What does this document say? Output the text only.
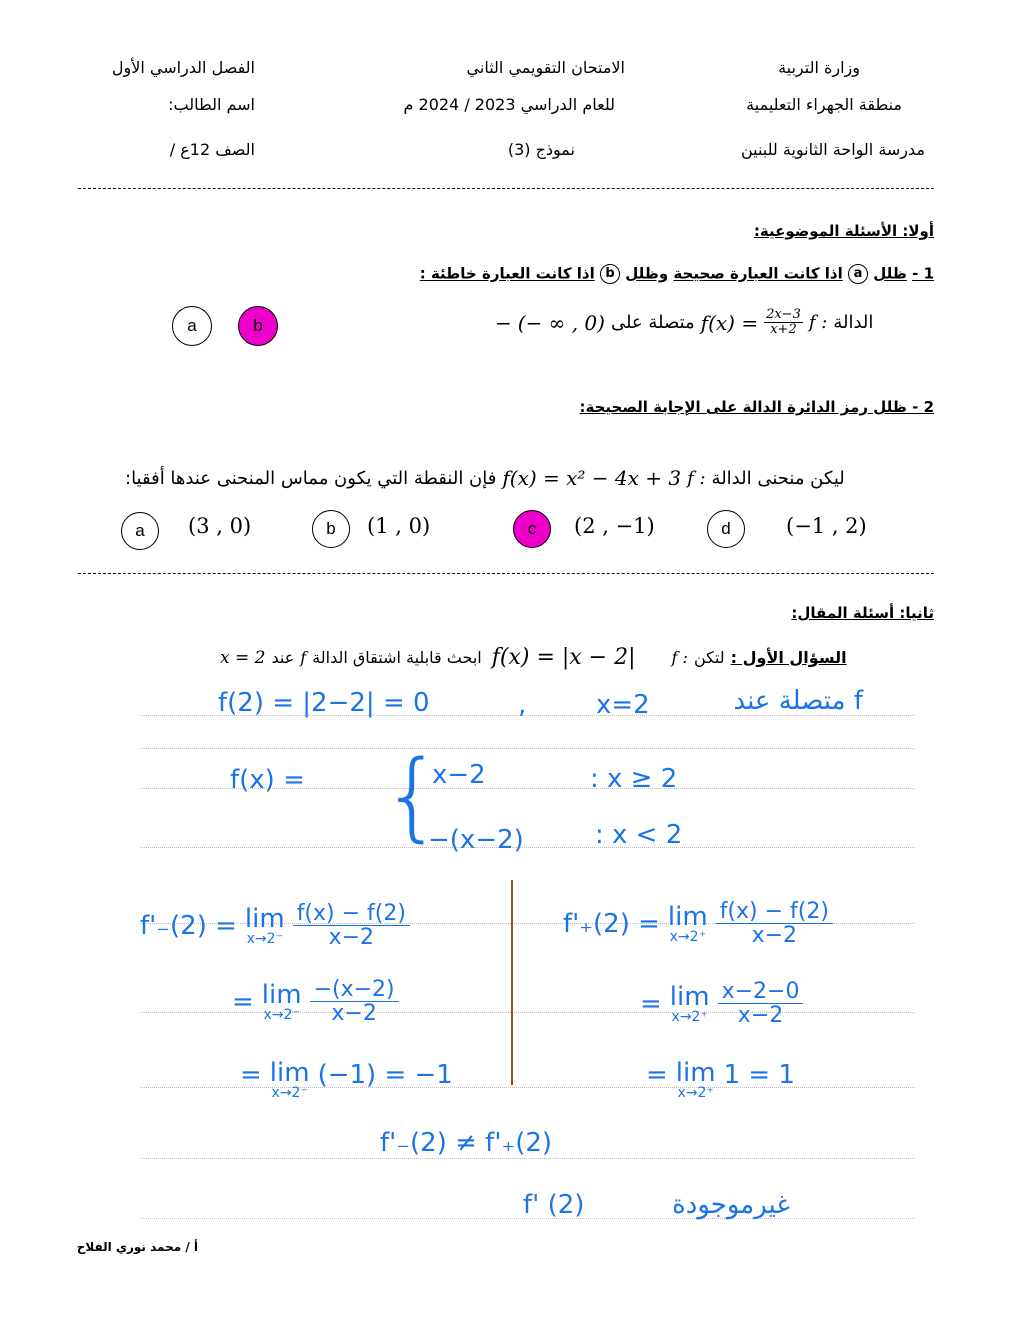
وزارة التربية
الامتحان التقويمي الثاني
الفصل الدراسي الأول
منطقة الجهراء التعليمية
للعام الدراسي 2023 / 2024 م
اسم الطالب:
مدرسة الواحة الثانوية للبنين
نموذج (3)
الصف 12ع /
أولا: الأسئلة الموضوعية:
1 - ظلل a اذا كانت العبارة صحيحة وظلل b اذا كانت العبارة خاطئة :
− (− ∞ , 0) متصلة على $f(x) = \frac{2x-3}{x+2}$ f : الدالة
a	b
2 - ظلل رمز الدائرة الدالة على الإجابة الصحيحة:
فإن النقطة التي يكون مماس المنحنى عندها أفقيا: f(x) = x² − 4x + 3 f : ليكن منحنى الدالة
a	(3 , 0)	b	(1 , 0)	c	(2 , −1)	d	(−1 , 2)
ثانيا: أسئلة المقال:
x = 2 عند f ابحث قابلية اشتقاق الدالة f(x) = |x − 2| f : لتكن السؤال الأول :
f(2) = |2−2| = 0	,	x=2	f متصلة عند
f(x) = {
x−2	: x ≥ 2
−(x−2)	: x < 2
f'₋(2) = lim
$x\to 2^- \frac{f(x) - f(2)}{x-2}$
= lim
$x\to 2^- \frac{-(x-2)}{x-2}$
= lim
x→2⁻
(−1) = −1
f'₊(2) = lim
$x\to 2^+ \frac{f(x) - f(2)}{x-2}$
= lim
$x\to 2^+ \frac{x-2-0}{x-2}$
= lim
x→2⁺
1 = 1
f'₋(2) ≠ f'₊(2)
f' (2)	غيرموجودة
أ / محمد نوري الفلاح
